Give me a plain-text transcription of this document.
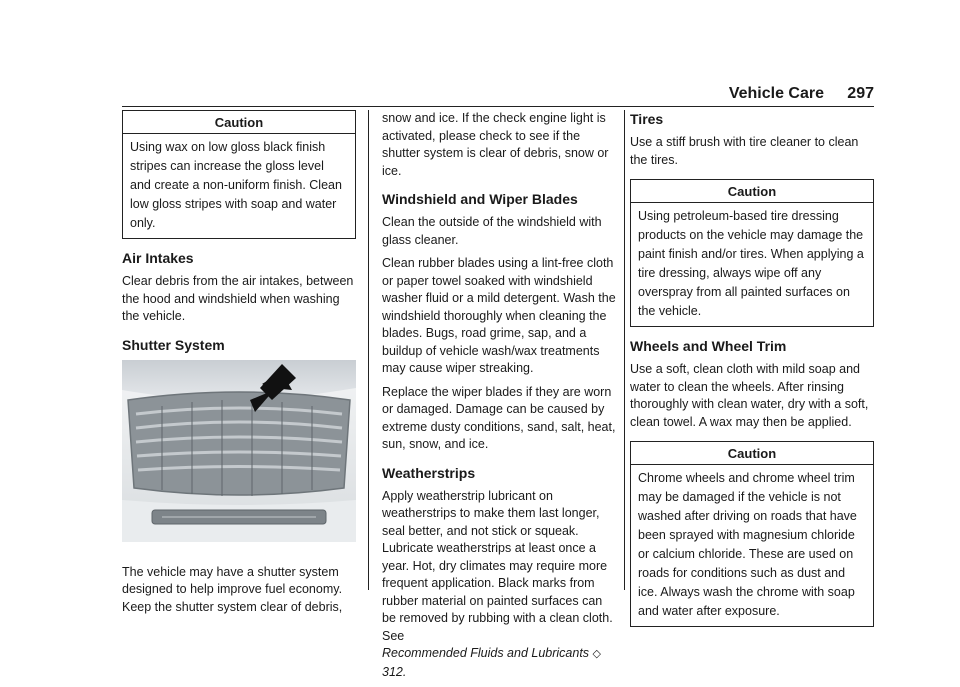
Vehicle Care 297
Caution
Using wax on low gloss black finish stripes can increase the gloss level and create a non-uniform finish. Clean low gloss stripes with soap and water only.
Air Intakes

Clear debris from the air intakes, between the hood and windshield when washing the vehicle.

Shutter System

The vehicle may have a shutter system designed to help improve fuel economy. Keep the shutter system clear of debris,

snow and ice. If the check engine light is activated, please check to see if the shutter system is clear of debris, snow or ice.

Windshield and Wiper Blades

Clean the outside of the windshield with glass cleaner.

Clean rubber blades using a lint-free cloth or paper towel soaked with windshield washer fluid or a mild detergent. Wash the windshield thoroughly when cleaning the blades. Bugs, road grime, sap, and a buildup of vehicle wash/wax treatments may cause wiper streaking.

Replace the wiper blades if they are worn or damaged. Damage can be caused by extreme dusty conditions, sand, salt, heat, sun, snow, and ice.

Weatherstrips

Apply weatherstrip lubricant on weatherstrips to make them last longer, seal better, and not stick or squeak. Lubricate weatherstrips at least once a year. Hot, dry climates may require more frequent application. Black marks from rubber material on painted surfaces can be removed by rubbing with a clean cloth. See
Recommended Fluids and Lubricants ◇ 312.

Tires

Use a stiff brush with tire cleaner to clean the tires.

Caution
Using petroleum-based tire dressing products on the vehicle may damage the paint finish and/or tires. When applying a tire dressing, always wipe off any overspray from all painted surfaces on the vehicle.
Wheels and Wheel Trim

Use a soft, clean cloth with mild soap and water to clean the wheels. After rinsing thoroughly with clean water, dry with a soft, clean towel. A wax may then be applied.

Caution
Chrome wheels and chrome wheel trim may be damaged if the vehicle is not washed after driving on roads that have been sprayed with magnesium chloride or calcium chloride. These are used on roads for conditions such as dust and ice. Always wash the chrome with soap and water after exposure.
